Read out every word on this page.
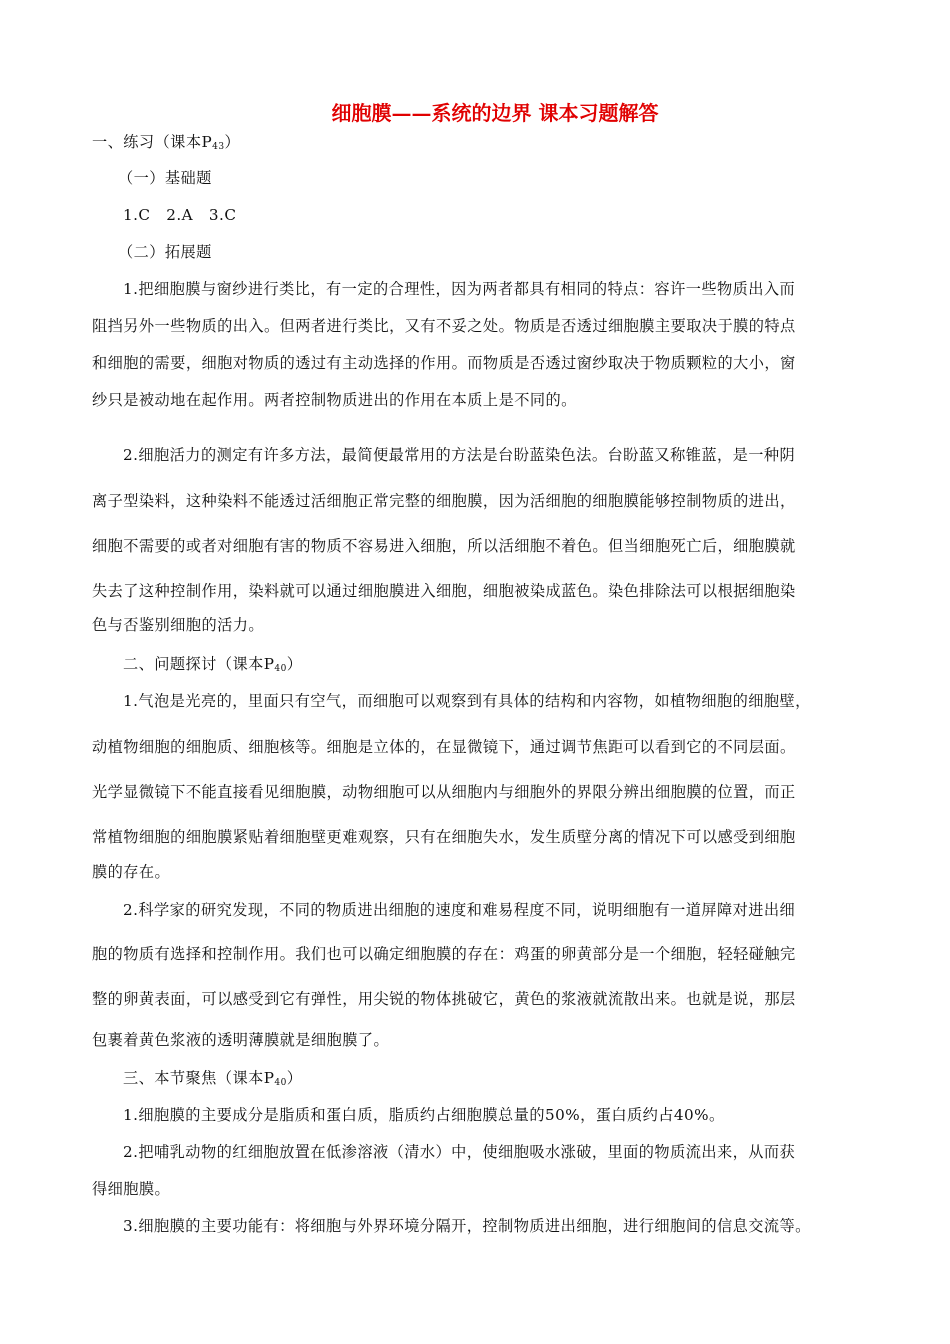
细胞膜——系统的边界 课本习题解答
一、练习（课本$P_{43}$）
（一）基础题
1.C   2.A   3.C
（二）拓展题
1.把细胞膜与窗纱进行类比，有一定的合理性，因为两者都具有相同的特点：容许一些物质出入而
阻挡另外一些物质的出入。但两者进行类比，又有不妥之处。物质是否透过细胞膜主要取决于膜的特点
和细胞的需要，细胞对物质的透过有主动选择的作用。而物质是否透过窗纱取决于物质颗粒的大小，窗
纱只是被动地在起作用。两者控制物质进出的作用在本质上是不同的。
2.细胞活力的测定有许多方法，最简便最常用的方法是台盼蓝染色法。台盼蓝又称锥蓝，是一种阴
离子型染料，这种染料不能透过活细胞正常完整的细胞膜，因为活细胞的细胞膜能够控制物质的进出，
细胞不需要的或者对细胞有害的物质不容易进入细胞，所以活细胞不着色。但当细胞死亡后，细胞膜就
失去了这种控制作用，染料就可以通过细胞膜进入细胞，细胞被染成蓝色。染色排除法可以根据细胞染
色与否鉴别细胞的活力。
二、问题探讨（课本$P_{40}$）
1.气泡是光亮的，里面只有空气，而细胞可以观察到有具体的结构和内容物，如植物细胞的细胞壁，
动植物细胞的细胞质、细胞核等。细胞是立体的，在显微镜下，通过调节焦距可以看到它的不同层面。
光学显微镜下不能直接看见细胞膜，动物细胞可以从细胞内与细胞外的界限分辨出细胞膜的位置，而正
常植物细胞的细胞膜紧贴着细胞壁更难观察，只有在细胞失水，发生质壁分离的情况下可以感受到细胞
膜的存在。
2.科学家的研究发现，不同的物质进出细胞的速度和难易程度不同，说明细胞有一道屏障对进出细
胞的物质有选择和控制作用。我们也可以确定细胞膜的存在：鸡蛋的卵黄部分是一个细胞，轻轻碰触完
整的卵黄表面，可以感受到它有弹性，用尖锐的物体挑破它，黄色的浆液就流散出来。也就是说，那层
包裹着黄色浆液的透明薄膜就是细胞膜了。
三、本节聚焦（课本$P_{40}$）
1.细胞膜的主要成分是脂质和蛋白质，脂质约占细胞膜总量的50%，蛋白质约占40%。
2.把哺乳动物的红细胞放置在低渗溶液（清水）中，使细胞吸水涨破，里面的物质流出来，从而获
得细胞膜。
3.细胞膜的主要功能有：将细胞与外界环境分隔开，控制物质进出细胞，进行细胞间的信息交流等。
